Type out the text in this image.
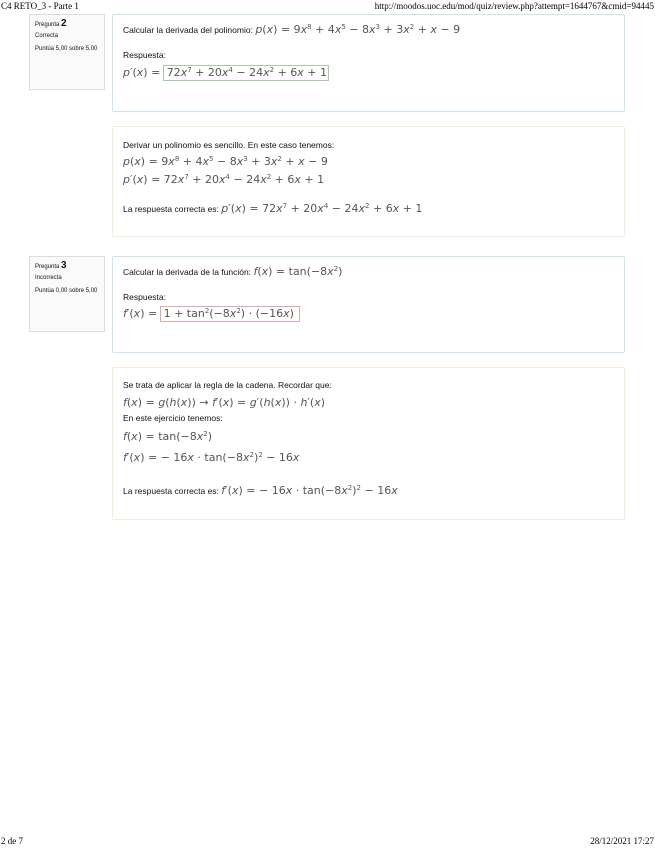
C4 RETO_3 - Parte 1	http://moodos.uoc.edu/mod/quiz/review.php?attempt=1644767&cmid=94445
Pregunta 2
Correcta
Puntúa 5,00 sobre 5,00
Calcular la derivada del polinomio: $p(x) = 9x^8 + 4x^5 - 8x^3 + 3x^2 + x - 9$
Respuesta:
$p'(x) = 72x^7 + 20x^4 - 24x^2 + 6x + 1$
Derivar un polinomio es sencillo. En este caso tenemos:
$p(x) = 9x^8 + 4x^5 - 8x^3 + 3x^2 + x - 9$
$p'(x) = 72x^7 + 20x^4 - 24x^2 + 6x + 1$
La respuesta correcta es: $p'(x) = 72x^7 + 20x^4 - 24x^2 + 6x + 1$
Pregunta 3
Incorrecta
Puntúa 0,00 sobre 5,00
Calcular la derivada de la función: $f(x) = \tan(-8x^2)$
Respuesta:
$f'(x) = 1 + \tan^2(-8x^2) \cdot (-16x)$
Se trata de aplicar la regla de la cadena. Recordar que:
f(x) = g(h(x)) → f′(x) = g′(h(x)) · h′(x)
En este ejercicio tenemos:
$f(x) = \tan(-8x^2)$
f′(x) = − $16x \cdot \tan(-8x^2)^2 - 16x$
La respuesta correcta es: f′(x) = − $16x \cdot \tan(-8x^2)^2 - 16x$
2 de 7	28/12/2021 17:27
